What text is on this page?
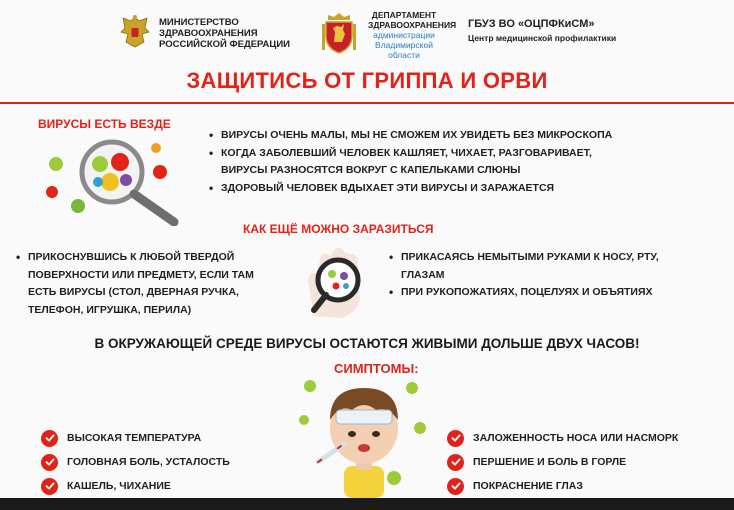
МИНИСТЕРСТВО
ЗДРАВООХРАНЕНИЯ
РОССИЙСКОЙ ФЕДЕРАЦИИ
ДЕПАРТАМЕНТ
ЗДРАВООХРАНЕНИЯ
администрации
Владимирской
области
ГБУЗ ВО «ОЦПФКиСМ»
Центр медицинской профилактики
ЗАЩИТИСЬ ОТ ГРИППА И ОРВИ
ВИРУСЫ ЕСТЬ ВЕЗДЕ
• ВИРУСЫ ОЧЕНЬ МАЛЫ, МЫ НЕ СМОЖЕМ ИХ УВИДЕТЬ БЕЗ МИКРОСКОПА
• КОГДА ЗАБОЛЕВШИЙ ЧЕЛОВЕК КАШЛЯЕТ, ЧИХАЕТ, РАЗГОВАРИВАЕТ, ВИРУСЫ РАЗНОСЯТСЯ ВОКРУГ С КАПЕЛЬКАМИ СЛЮНЫ
• ЗДОРОВЫЙ ЧЕЛОВЕК ВДЫХАЕТ ЭТИ ВИРУСЫ И ЗАРАЖАЕТСЯ
КАК ЕЩЁ МОЖНО ЗАРАЗИТЬСЯ
• ПРИКОСНУВШИСЬ К ЛЮБОЙ ТВЕРДОЙ ПОВЕРХНОСТИ ИЛИ ПРЕДМЕТУ, ЕСЛИ ТАМ ЕСТЬ ВИРУСЫ (СТОЛ, ДВЕРНАЯ РУЧКА, ТЕЛЕФОН, ИГРУШКА, ПЕРИЛА)
• ПРИКАСАЯСЬ НЕМЫТЫМИ РУКАМИ К НОСУ, РТУ, ГЛАЗАМ
• ПРИ РУКОПОЖАТИЯХ, ПОЦЕЛУЯХ И ОБЪЯТИЯХ
В ОКРУЖАЮЩЕЙ СРЕДЕ ВИРУСЫ ОСТАЮТСЯ ЖИВЫМИ ДОЛЬШЕ ДВУХ ЧАСОВ!
СИМПТОМЫ:
ВЫСОКАЯ ТЕМПЕРАТУРА
ГОЛОВНАЯ БОЛЬ, УСТАЛОСТЬ
КАШЕЛЬ, ЧИХАНИЕ
ЗАЛОЖЕННОСТЬ НОСА ИЛИ НАСМОРК
ПЕРШЕНИЕ И БОЛЬ В ГОРЛЕ
ПОКРАСНЕНИЕ ГЛАЗ
